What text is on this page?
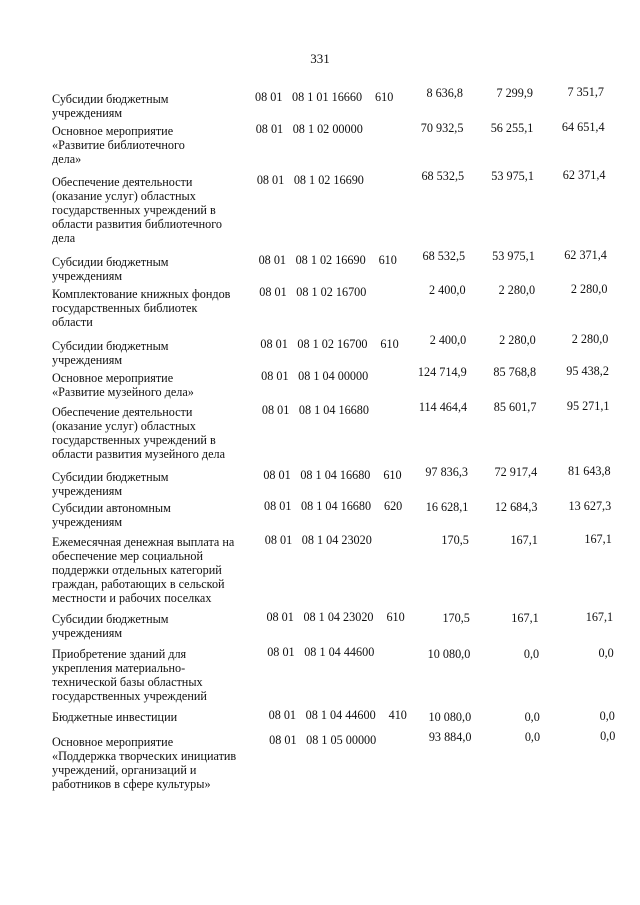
331
Субсидии бюджетным
учреждениям
08 01 08 1 01 16660 610	8 636,8	7 299,9	7 351,7
Основное мероприятие
«Развитие библиотечного
дела»
08 01 08 1 02 00000	70 932,5	56 255,1	64 651,4
Обеспечение деятельности
(оказание услуг) областных
государственных учреждений в
области развития библиотечного
дела
08 01 08 1 02 16690	68 532,5	53 975,1	62 371,4
Субсидии бюджетным
учреждениям
08 01 08 1 02 16690 610	68 532,5	53 975,1	62 371,4
Комплектование книжных фондов
государственных библиотек
области
08 01 08 1 02 16700	2 400,0	2 280,0	2 280,0
Субсидии бюджетным
учреждениям
08 01 08 1 02 16700 610	2 400,0	2 280,0	2 280,0
Основное мероприятие
«Развитие музейного дела»
08 01 08 1 04 00000	124 714,9	85 768,8	95 438,2
Обеспечение деятельности
(оказание услуг) областных
государственных учреждений в
области развития музейного дела
08 01 08 1 04 16680	114 464,4	85 601,7	95 271,1
Субсидии бюджетным
учреждениям
08 01 08 1 04 16680 610	97 836,3	72 917,4	81 643,8
Субсидии автономным
учреждениям
08 01 08 1 04 16680 620	16 628,1	12 684,3	13 627,3
Ежемесячная денежная выплата на
обеспечение мер социальной
поддержки отдельных категорий
граждан, работающих в сельской
местности и рабочих поселках
08 01 08 1 04 23020	170,5	167,1	167,1
Субсидии бюджетным
учреждениям
08 01 08 1 04 23020 610	170,5	167,1	167,1
Приобретение зданий для
укрепления материально-
технической базы областных
государственных учреждений
08 01 08 1 04 44600	10 080,0	0,0	0,0
Бюджетные инвестиции	08 01 08 1 04 44600 410	10 080,0	0,0	0,0
Основное мероприятие
«Поддержка творческих инициатив
учреждений, организаций и
работников в сфере культуры»
08 01 08 1 05 00000	93 884,0	0,0	0,0
